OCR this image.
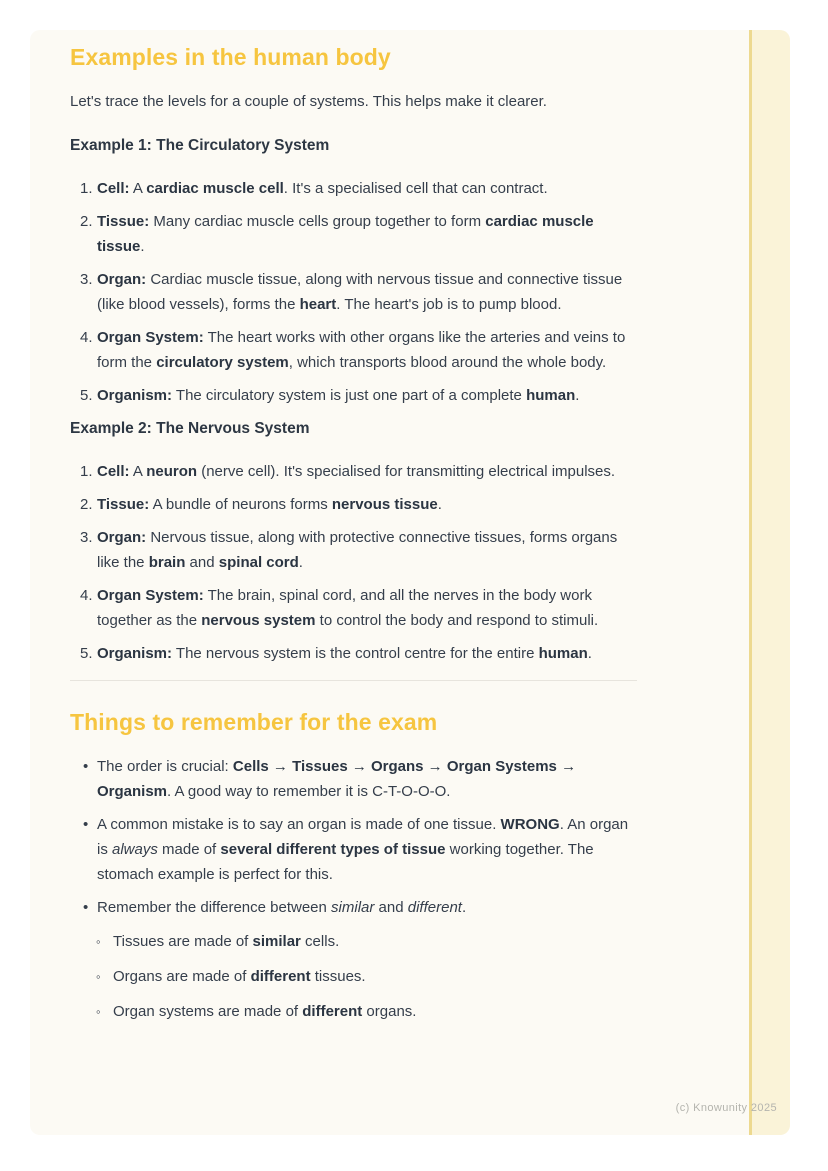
Examples in the human body

Let's trace the levels for a couple of systems. This helps make it clearer.

Example 1: The Circulatory System
Cell: A cardiac muscle cell. It's a specialised cell that can contract.
Tissue: Many cardiac muscle cells group together to form cardiac muscle tissue.
Organ: Cardiac muscle tissue, along with nervous tissue and connective tissue (like blood vessels), forms the heart. The heart's job is to pump blood.
Organ System: The heart works with other organs like the arteries and veins to form the circulatory system, which transports blood around the whole body.
Organism: The circulatory system is just one part of a complete human.
Example 2: The Nervous System
Cell: A neuron (nerve cell). It's specialised for transmitting electrical impulses.
Tissue: A bundle of neurons forms nervous tissue.
Organ: Nervous tissue, along with protective connective tissues, forms organs like the brain and spinal cord.
Organ System: The brain, spinal cord, and all the nerves in the body work together as the nervous system to control the body and respond to stimuli.
Organism: The nervous system is the control centre for the entire human.
Things to remember for the exam
• The order is crucial: Cells → Tissues → Organs → Organ Systems → Organism. A good way to remember it is C-T-O-O-O.
• A common mistake is to say an organ is made of one tissue. WRONG. An organ is always made of several different types of tissue working together. The stomach example is perfect for this.
• Remember the difference between similar and different.
◦ Tissues are made of similar cells.
◦ Organs are made of different tissues.
◦ Organ systems are made of different organs.
(c) Knowunity 2025
